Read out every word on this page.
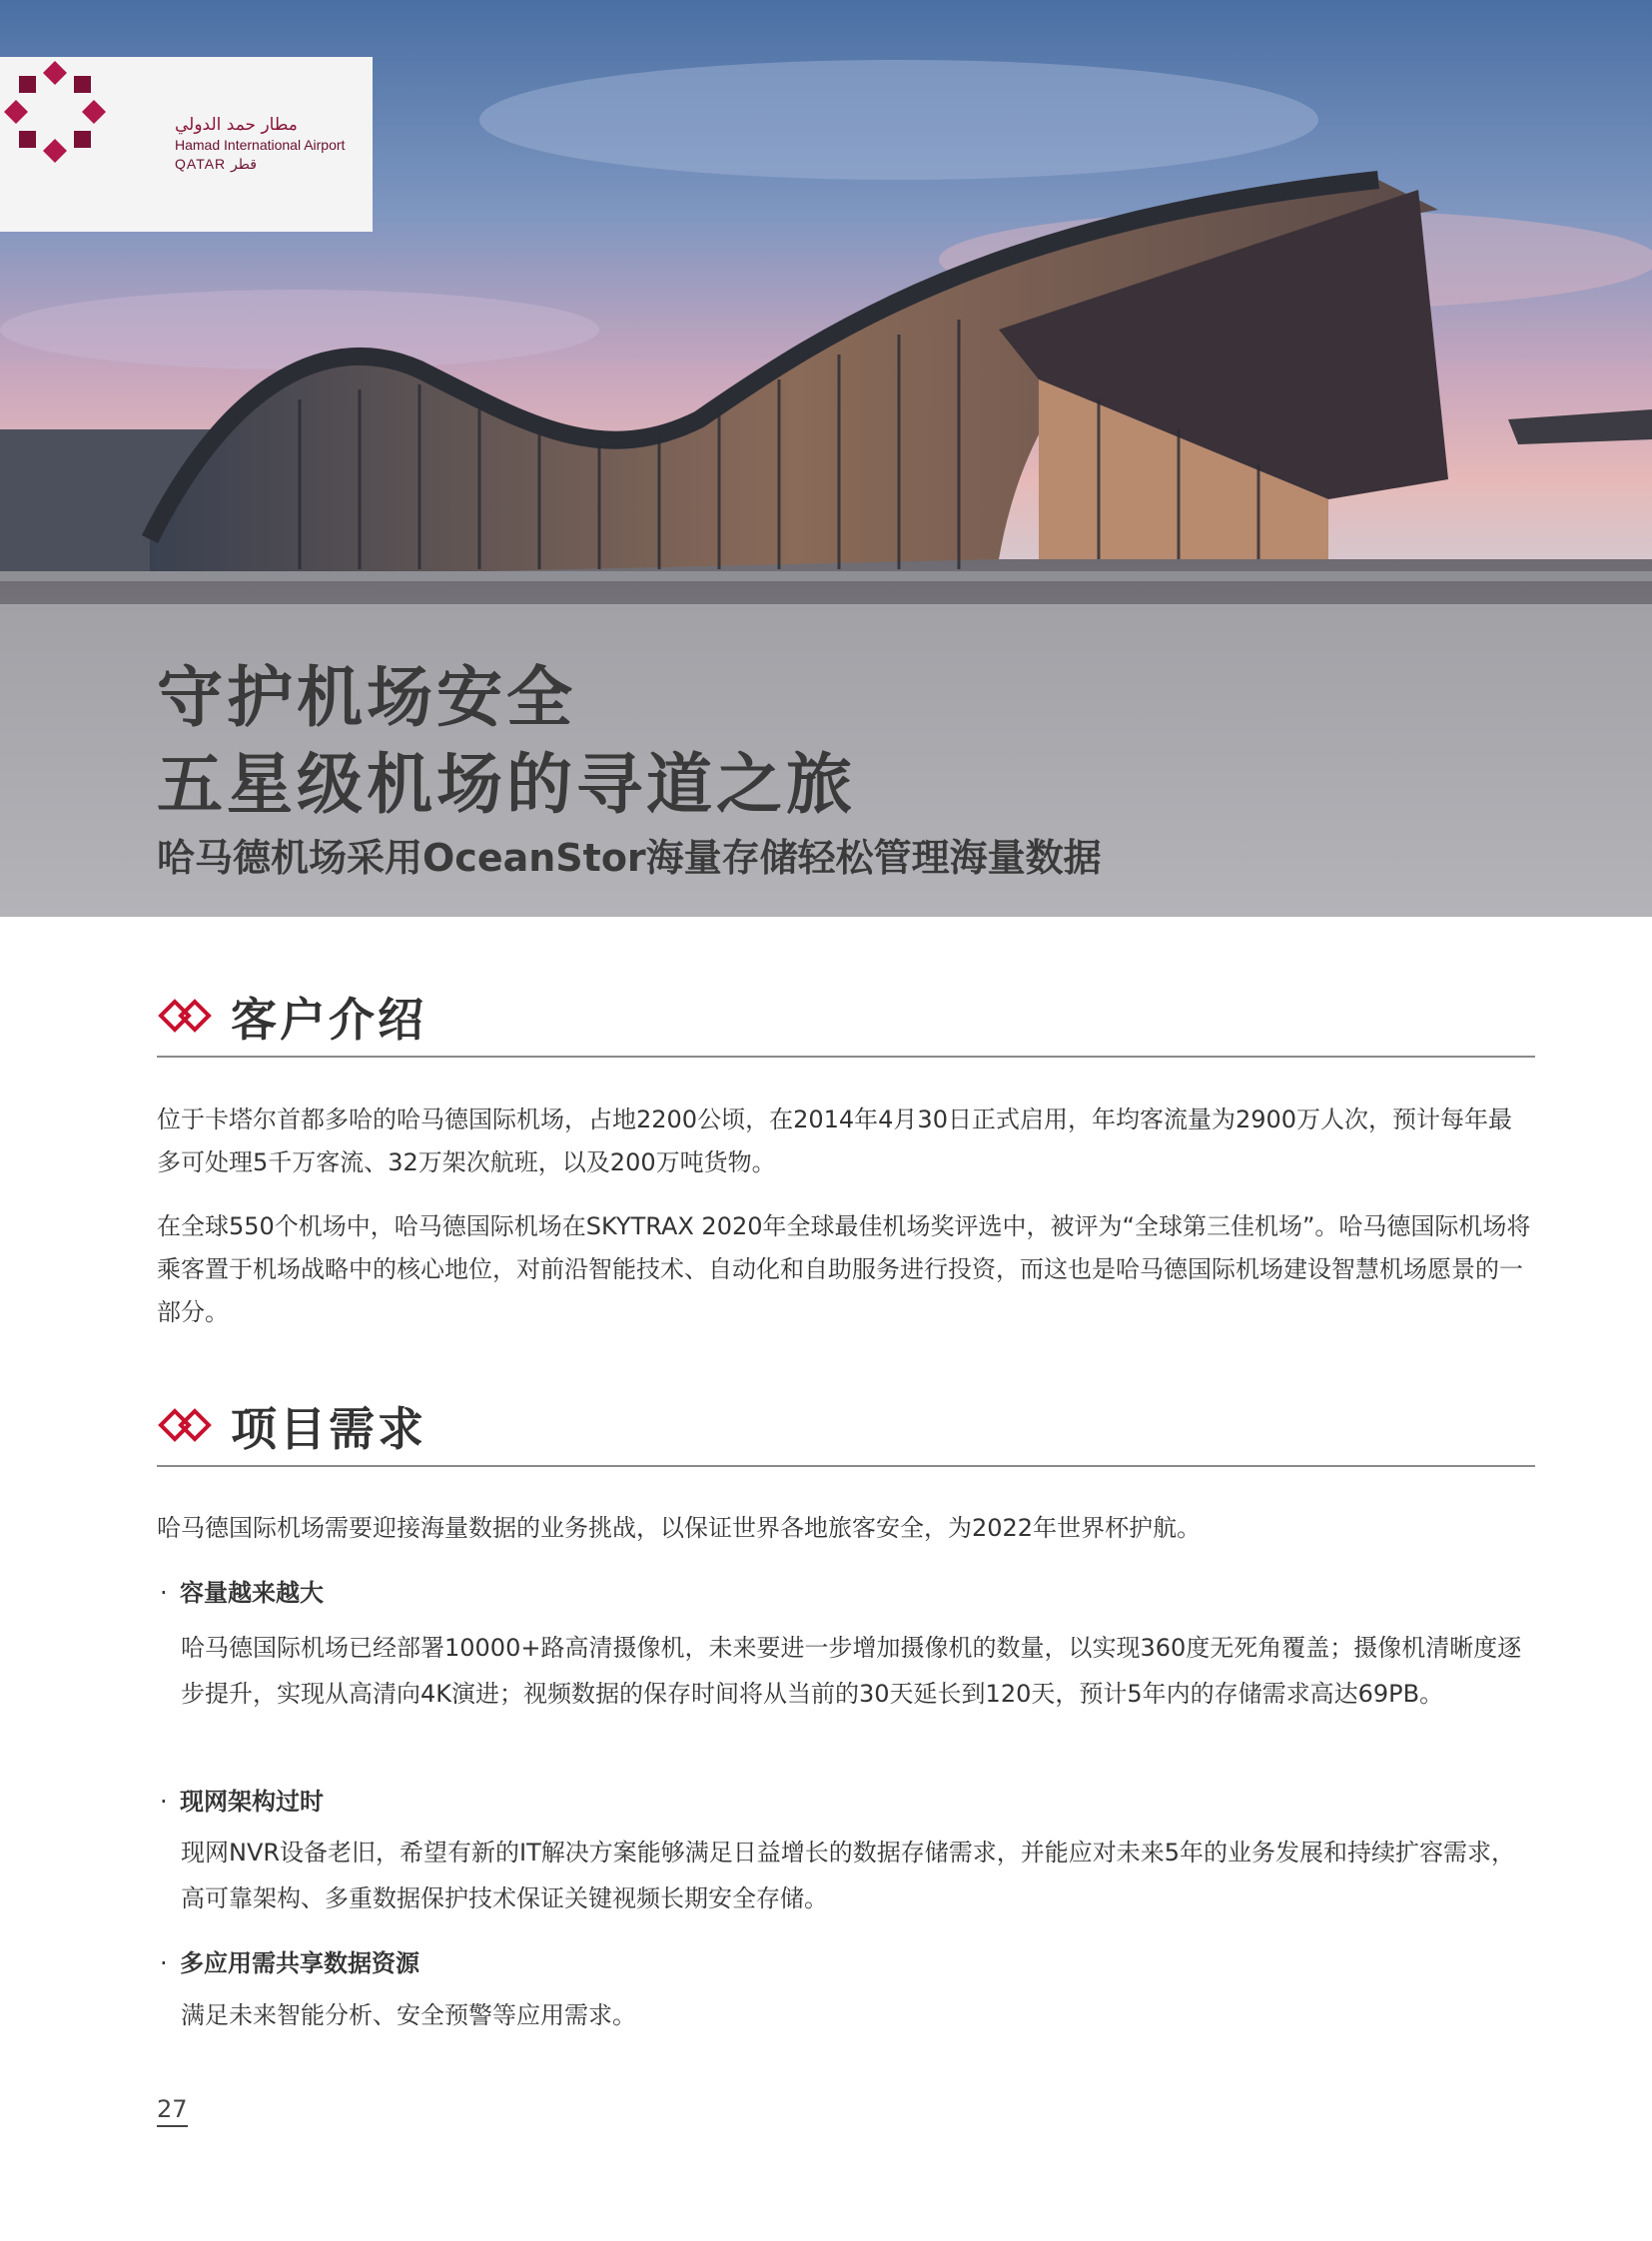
مطار حمد الدولي
Hamad International Airport
QATAR قطر
守护机场安全
五星级机场的寻道之旅
哈马德机场采用OceanStor海量存储轻松管理海量数据
客户介绍

位于卡塔尔首都多哈的哈马德国际机场，占地2200公顷，在2014年4月30日正式启用，年均客流量为2900万人次，预计每年最多可处理5千万客流、32万架次航班，以及200万吨货物。

在全球550个机场中，哈马德国际机场在SKYTRAX 2020年全球最佳机场奖评选中，被评为“全球第三佳机场”。哈马德国际机场将乘客置于机场战略中的核心地位，对前沿智能技术、自动化和自助服务进行投资，而这也是哈马德国际机场建设智慧机场愿景的一部分。

项目需求

哈马德国际机场需要迎接海量数据的业务挑战，以保证世界各地旅客安全，为2022年世界杯护航。

· 容量越来越大

哈马德国际机场已经部署10000+路高清摄像机，未来要进一步增加摄像机的数量，以实现360度无死角覆盖；摄像机清晰度逐步提升，实现从高清向4K演进；视频数据的保存时间将从当前的30天延长到120天，预计5年内的存储需求高达69PB。

· 现网架构过时

现网NVR设备老旧，希望有新的IT解决方案能够满足日益增长的数据存储需求，并能应对未来5年的业务发展和持续扩容需求，高可靠架构、多重数据保护技术保证关键视频长期安全存储。

· 多应用需共享数据资源

满足未来智能分析、安全预警等应用需求。

27
